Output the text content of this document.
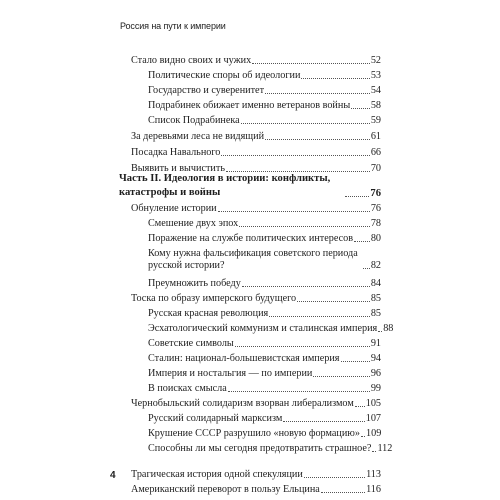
Россия на пути к империи
Стало видно своих и чужих	52
Политические споры об идеологии	53
Государство и суверенитет	54
Подрабинек обижает именно ветеранов войны 58
Список Подрабинека	59
За деревьями леса не видящий	61
Посадка Навального	66
Выявить и вычистить	70
Часть II. Идеология в истории: конфликты, катастрофы и войны	76
Обнуление истории	76
Смешение двух эпох	78
Поражение на службе политических интересов 80
Кому нужна фальсификация советского периода русской истории?	82
Преумножить победу	84
Тоска по образу имперского будущего	85
Русская красная революция	85
Эсхатологический коммунизм и сталинская империя 88
Советские символы	91
Сталин: национал-большевистская империя	94
Империя и ностальгия — по империи	96
В поисках смысла	99
Чернобыльский солидаризм взорван либерализмом 105
Русский солидарный марксизм	107
Крушение СССР разрушило «новую формацию» 109
Способны ли мы сегодня предотвратить страшное? 112
Трагическая история одной спекуляции	113
Американский переворот в пользу Ельцина	116
4
